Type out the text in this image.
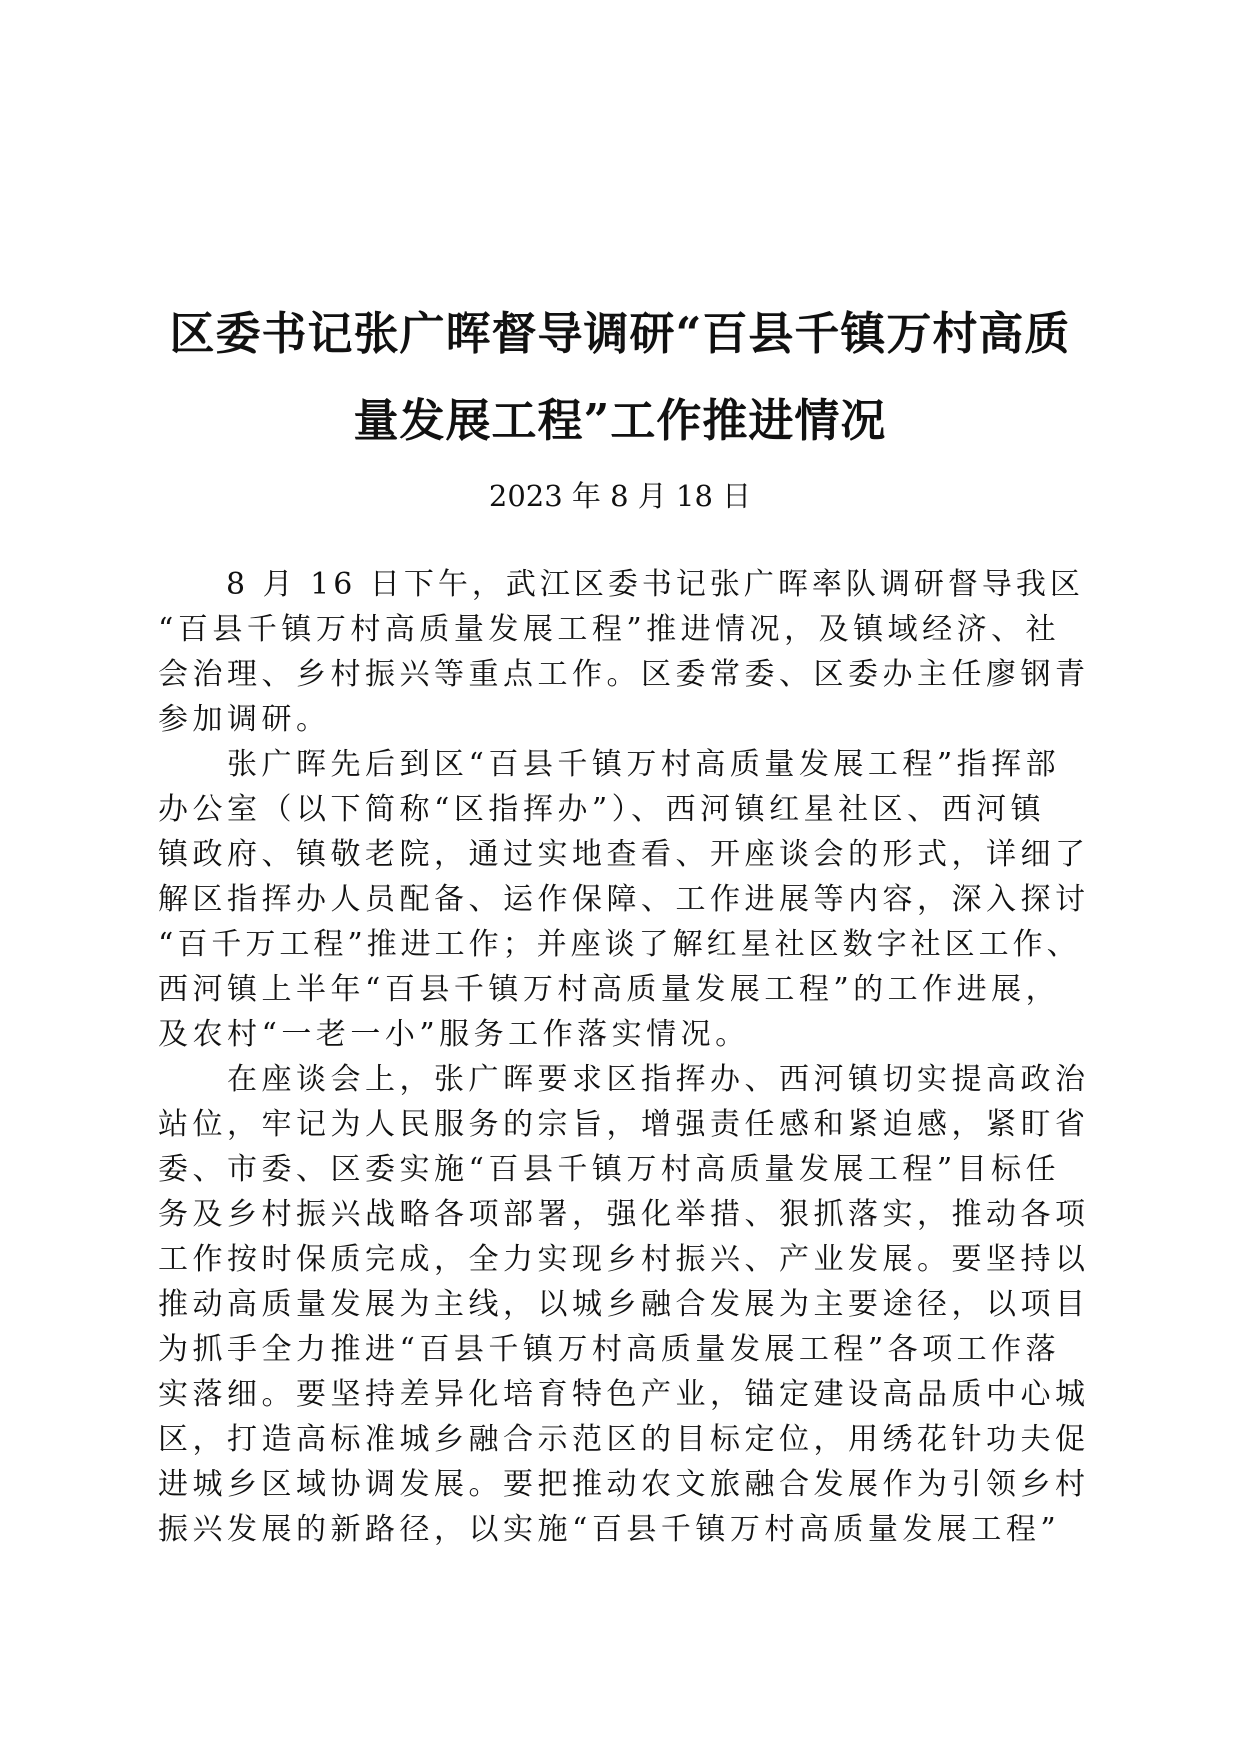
区委书记张广晖督导调研“百县千镇万村高质
量发展工程”工作推进情况
2023 年 8 月 18 日
　　8 月 16 日下午，武江区委书记张广晖率队调研督导我区
“百县千镇万村高质量发展工程”推进情况，及镇域经济、社
会治理、乡村振兴等重点工作。区委常委、区委办主任廖钢青
参加调研。
　　张广晖先后到区“百县千镇万村高质量发展工程”指挥部
办公室（以下简称“区指挥办”）、西河镇红星社区、西河镇
镇政府、镇敬老院，通过实地查看、开座谈会的形式，详细了
解区指挥办人员配备、运作保障、工作进展等内容，深入探讨
“百千万工程”推进工作；并座谈了解红星社区数字社区工作、
西河镇上半年“百县千镇万村高质量发展工程”的工作进展，
及农村“一老一小”服务工作落实情况。
　　在座谈会上，张广晖要求区指挥办、西河镇切实提高政治
站位，牢记为人民服务的宗旨，增强责任感和紧迫感，紧盯省
委、市委、区委实施“百县千镇万村高质量发展工程”目标任
务及乡村振兴战略各项部署，强化举措、狠抓落实，推动各项
工作按时保质完成，全力实现乡村振兴、产业发展。要坚持以
推动高质量发展为主线，以城乡融合发展为主要途径，以项目
为抓手全力推进“百县千镇万村高质量发展工程”各项工作落
实落细。要坚持差异化培育特色产业，锚定建设高品质中心城
区，打造高标准城乡融合示范区的目标定位，用绣花针功夫促
进城乡区域协调发展。要把推动农文旅融合发展作为引领乡村
振兴发展的新路径，以实施“百县千镇万村高质量发展工程”
